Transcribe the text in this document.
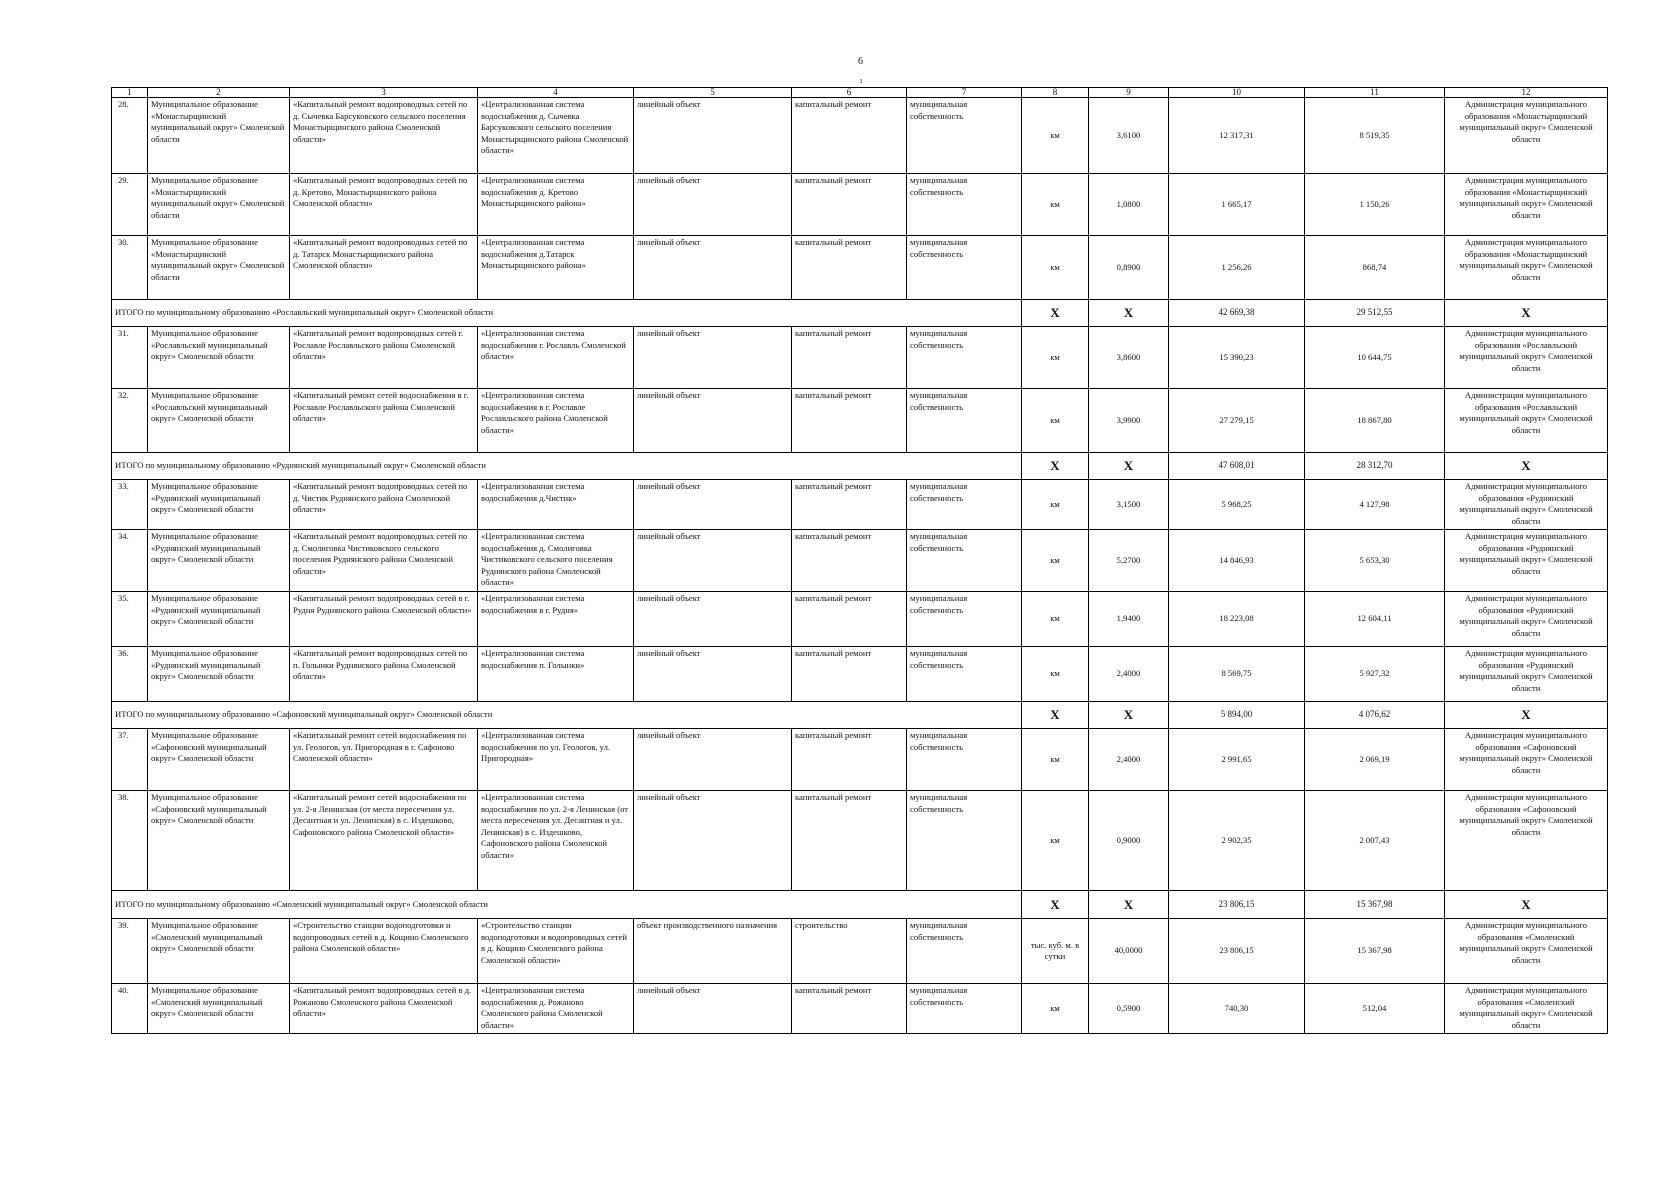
6
ı
1	2	3	4	5	6	7	8	9	10	11	12
28.	Муниципальное образование «Монастырщинский муниципальный округ» Смоленской области	«Капитальный ремонт водопроводных сетей по д. Сычевка Барсуковского сельского поселения Монастырщинского района Смоленской области»	«Централизованная система водоснабжения д. Сычевка Барсуковского сельского поселения Монастырщинского района Смоленской области»	линейный объект	капитальный ремонт	муниципальная собственность	км	3,6100	12 317,31	8 519,35	Администрация муниципального образования «Монастырщинский муниципальный округ» Смоленской области
29.	Муниципальное образование «Монастырщинский муниципальный округ» Смоленской области	«Капитальный ремонт водопроводных сетей по д. Кретово, Монастырщинского района Смоленской области»	«Централизованная система водоснабжения д. Кретово Монастырщинского района»	линейный объект	капитальный ремонт	муниципальная собственность	км	1,0800	1 665,17	1 150,26	Администрация муниципального образования «Монастырщинский муниципальный округ» Смоленской области
30.	Муниципальное образование «Монастырщинский муниципальный округ» Смоленской области	«Капитальный ремонт водопроводных сетей по д. Татарск Монастырщинского района Смоленской области»	«Централизованная система водоснабжения д.Татарск Монастырщинского района»	линейный объект	капитальный ремонт	муниципальная собственность	км	0,8900	1 256,26	868,74	Администрация муниципального образования «Монастырщинский муниципальный округ» Смоленской области
ИТОГО по муниципальному образованию «Рославльский муниципальный округ» Смоленской области							Х	Х	42 669,38	29 512,55	Х
31.	Муниципальное образование «Рославльский муниципальный округ» Смоленской области	«Капитальный ремонт водопроводных сетей г. Рославле Рославльского района Смоленской области»	«Централизованная система водоснабжения г. Рославль Смоленской области»	линейный объект	капитальный ремонт	муниципальная собственность	км	3,8600	15 390,23	10 644,75	Администрация муниципального образования «Рославльский муниципальный округ» Смоленской области
32.	Муниципальное образование «Рославльский муниципальный округ» Смоленской области	«Капитальный ремонт сетей водоснабжения в г. Рославле Рославльского района Смоленской области»	«Централизованная система водоснабжения в г. Рославле Рославльского района Смоленской области»	линейный объект	капитальный ремонт	муниципальная собственность	км	3,9900	27 279,15	18 867,80	Администрация муниципального образования «Рославльский муниципальный округ» Смоленской области
ИТОГО по муниципальному образованию «Руднянский муниципальный округ» Смоленской области							Х	Х	47 608,01	28 312,70	Х
33.	Муниципальное образование «Руднянский муниципальный округ» Смоленской области	«Капитальный ремонт водопроводных сетей по д. Чистик Руднянского района Смоленской области»	«Централизованная система водоснабжения д.Чистик»	линейный объект	капитальный ремонт	муниципальная собственность	км	3,1500	5 968,25	4 127,98	Администрация муниципального образования «Руднянский муниципальный округ» Смоленской области
34.	Муниципальное образование «Руднянский муниципальный округ» Смоленской области	«Капитальный ремонт водопроводных сетей по д. Смолиговка Чистиковского сельского поселения Руднянского района Смоленской области»	«Централизованная система водоснабжения д. Смолиговка Чистиковского сельского поселения Руднянского района Смоленской области»	линейный объект	капитальный ремонт	муниципальная собственность	км	5,2700	14 846,93	5 653,30	Администрация муниципального образования «Руднянский муниципальный округ» Смоленской области
35.	Муниципальное образование «Руднянский муниципальный округ» Смоленской области	«Капитальный ремонт водопроводных сетей в г. Рудня Руднянского района Смоленской области»	«Централизованная система водоснабжения в г. Рудня»	линейный объект	капитальный ремонт	муниципальная собственность	км	1,9400	18 223,08	12 604,11	Администрация муниципального образования «Руднянский муниципальный округ» Смоленской области
36.	Муниципальное образование «Руднянский муниципальный округ» Смоленской области	«Капитальный ремонт водопроводных сетей по п. Голынки Руднянского района Смоленской области»	«Централизованная система водоснабжения п. Голынки»	линейный объект	капитальный ремонт	муниципальная собственность	км	2,4000	8 569,75	5 927,32	Администрация муниципального образования «Руднянский муниципальный округ» Смоленской области
ИТОГО по муниципальному образованию «Сафоновский муниципальный округ» Смоленской области							Х	Х	5 894,00	4 076,62	Х
37.	Муниципальное образование «Сафоновский муниципальный округ» Смоленской области	«Капитальный ремонт сетей водоснабжения по ул. Геологов, ул. Пригородная в г. Сафоново Смоленской области»	«Централизованная система водоснабжения по ул. Геологов, ул. Пригородная»	линейный объект	капитальный ремонт	муниципальная собственность	км	2,4000	2 991,65	2 069,19	Администрация муниципального образования «Сафоновский муниципальный округ» Смоленской области
38.	Муниципальное образование «Сафоновский муниципальный округ» Смоленской области	«Капитальный ремонт сетей водоснабжения по ул. 2-я Ленинская (от места пересечения ул. Десантная и ул. Ленинская) в с. Издешково, Сафоновского района Смоленской области»	«Централизованная система водоснабжения по ул. 2-я Ленинская (от места пересечения ул. Десантная и ул. Ленинская) в с. Издешково, Сафоновского района Смоленской области»	линейный объект	капитальный ремонт	муниципальная собственность	км	0,9000	2 902,35	2 007,43	Администрация муниципального образования «Сафоновский муниципальный округ» Смоленской области
ИТОГО по муниципальному образованию «Смоленский муниципальный округ» Смоленской области							Х	Х	23 806,15	15 367,98	Х
39.	Муниципальное образование «Смоленский муниципальный округ» Смоленской области	«Строительство станции водоподготовки и водопроводных сетей в д. Кощино Смоленского района Смоленской области»	«Строительство станции водоподготовки и водопроводных сетей в д. Кощино Смоленского района Смоленской области»	объект производственного назначения	строительство	муниципальная собственность	тыс. куб. м. в сутки	40,0000	23 806,15	15 367,98	Администрация муниципального образования «Смоленский муниципальный округ» Смоленской области
40.	Муниципальное образование «Смоленский муниципальный округ» Смоленской области	«Капитальный ремонт водопроводных сетей в д. Рожаново Смоленского района Смоленской области»	«Централизованная система водоснабжения д. Рожаново Смоленского района Смоленской области»	линейный объект	капитальный ремонт	муниципальная собственность	км	0,5900	740,30	512,04	Администрация муниципального образования «Смоленский муниципальный округ» Смоленской области
